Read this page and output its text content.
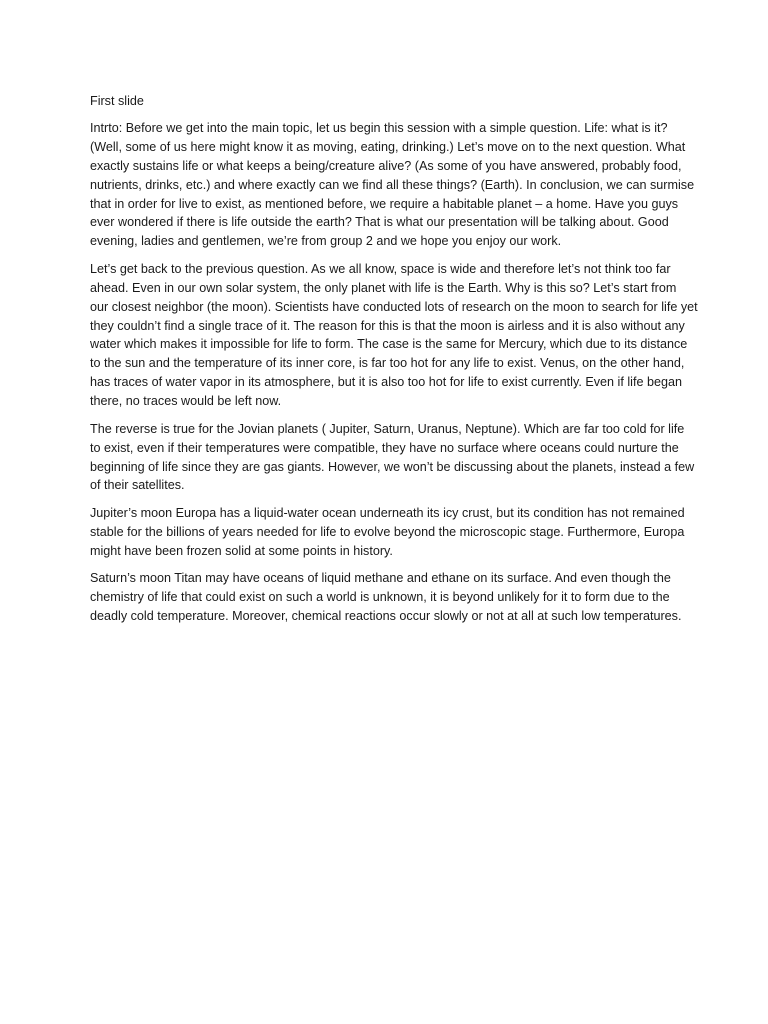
First slide

Intrto: Before we get into the main topic, let us begin this session with a simple question. Life: what is it? (Well, some of us here might know it as moving, eating, drinking.) Let’s move on to the next question. What exactly sustains life or what keeps a being/creature alive? (As some of you have answered, probably food, nutrients, drinks, etc.) and where exactly can we find all these things? (Earth). In conclusion, we can surmise that in order for live to exist, as mentioned before, we require a habitable planet – a home. Have you guys ever wondered if there is life outside the earth? That is what our presentation will be talking about. Good evening, ladies and gentlemen, we’re from group 2 and we hope you enjoy our work.

Let’s get back to the previous question. As we all know, space is wide and therefore let’s not think too far ahead. Even in our own solar system, the only planet with life is the Earth. Why is this so? Let’s start from our closest neighbor (the moon). Scientists have conducted lots of research on the moon to search for life yet they couldn’t find a single trace of it. The reason for this is that the moon is airless and it is also without any water which makes it impossible for life to form. The case is the same for Mercury, which due to its distance to the sun and the temperature of its inner core, is far too hot for any life to exist. Venus, on the other hand, has traces of water vapor in its atmosphere, but it is also too hot for life to exist currently. Even if life began there, no traces would be left now.

The reverse is true for the Jovian planets ( Jupiter, Saturn, Uranus, Neptune). Which are far too cold for life to exist, even if their temperatures were compatible, they have no surface where oceans could nurture the beginning of life since they are gas giants. However, we won’t be discussing about the planets, instead a few of their satellites.

Jupiter’s moon Europa has a liquid-water ocean underneath its icy crust, but its condition has not remained stable for the billions of years needed for life to evolve beyond the microscopic stage. Furthermore, Europa might have been frozen solid at some points in history.

Saturn’s moon Titan may have oceans of liquid methane and ethane on its surface. And even though the chemistry of life that could exist on such a world is unknown, it is beyond unlikely for it to form due to the deadly cold temperature. Moreover, chemical reactions occur slowly or not at all at such low temperatures.
